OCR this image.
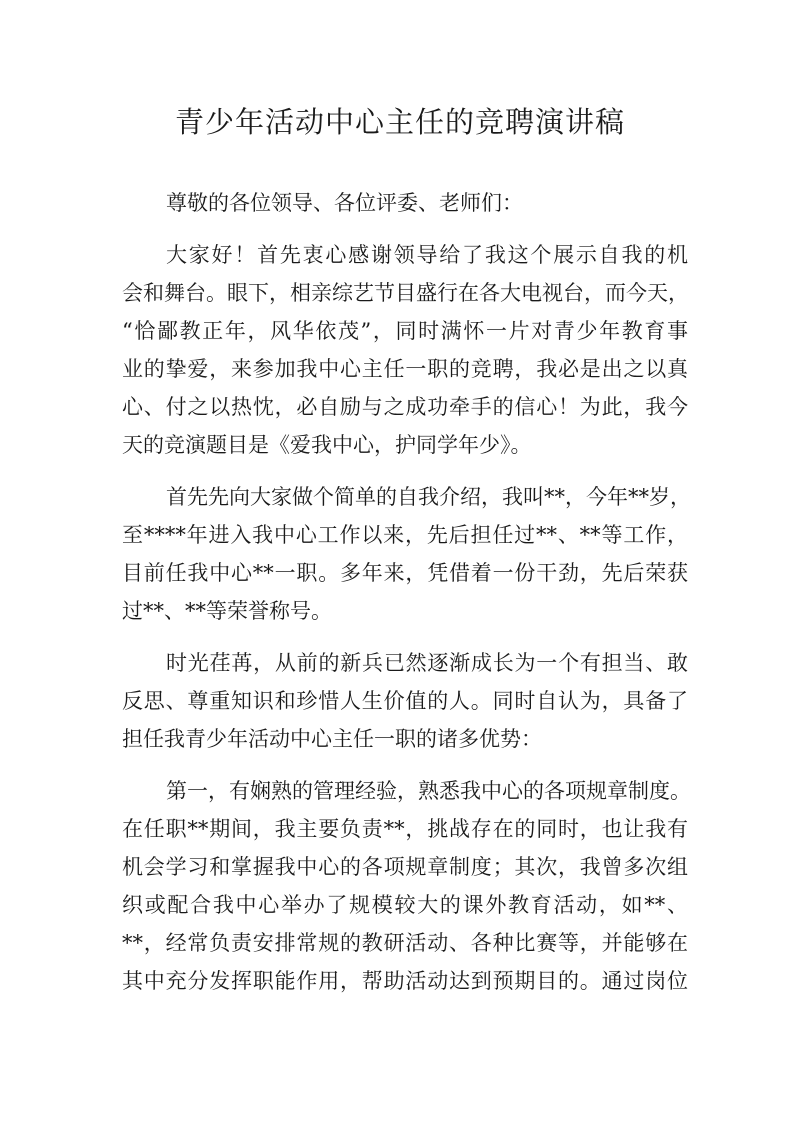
青少年活动中心主任的竞聘演讲稿
尊敬的各位领导、各位评委、老师们：
大家好！首先衷心感谢领导给了我这个展示自我的机
会和舞台。眼下，相亲综艺节目盛行在各大电视台，而今天，
“恰鄙教正年，风华依茂”，同时满怀一片对青少年教育事
业的挚爱，来参加我中心主任一职的竞聘，我必是出之以真
心、付之以热忱，必自励与之成功牵手的信心！为此，我今
天的竞演题目是《爱我中心，护同学年少》。
首先先向大家做个简单的自我介绍，我叫**，今年**岁，
至****年进入我中心工作以来，先后担任过**、**等工作，
目前任我中心**一职。多年来，凭借着一份干劲，先后荣获
过**、**等荣誉称号。
时光荏苒，从前的新兵已然逐渐成长为一个有担当、敢
反思、尊重知识和珍惜人生价值的人。同时自认为，具备了
担任我青少年活动中心主任一职的诸多优势：
第一，有娴熟的管理经验，熟悉我中心的各项规章制度。
在任职**期间，我主要负责**，挑战存在的同时，也让我有
机会学习和掌握我中心的各项规章制度；其次，我曾多次组
织或配合我中心举办了规模较大的课外教育活动，如**、
**，经常负责安排常规的教研活动、各种比赛等，并能够在
其中充分发挥职能作用，帮助活动达到预期目的。通过岗位
